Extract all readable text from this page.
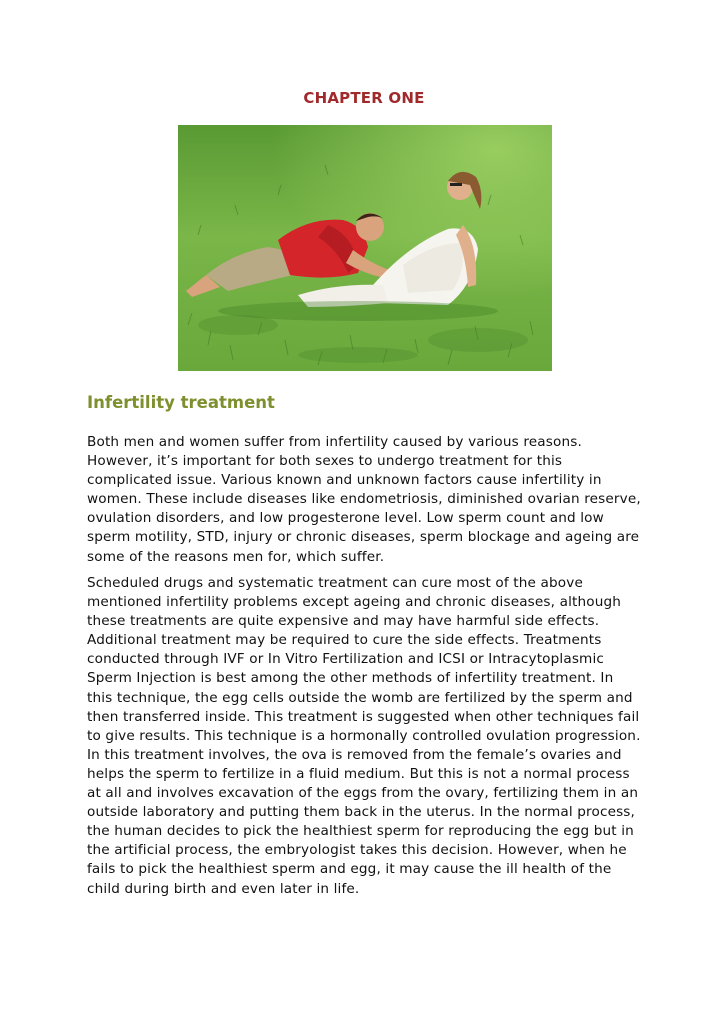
CHAPTER ONE
Infertility treatment

Both men and women suffer from infertility caused by various reasons. However, it’s important for both sexes to undergo treatment for this complicated issue. Various known and unknown factors cause infertility in women. These include diseases like endometriosis, diminished ovarian reserve, ovulation disorders, and low progesterone level. Low sperm count and low sperm motility, STD, injury or chronic diseases, sperm blockage and ageing are some of the reasons men for, which suffer.

Scheduled drugs and systematic treatment can cure most of the above mentioned infertility problems except ageing and chronic diseases, although these treatments are quite expensive and may have harmful side effects. Additional treatment may be required to cure the side effects. Treatments conducted through IVF or In Vitro Fertilization and ICSI or Intracytoplasmic Sperm Injection is best among the other methods of infertility treatment. In this technique, the egg cells outside the womb are fertilized by the sperm and then transferred inside. This treatment is suggested when other techniques fail to give results. This technique is a hormonally controlled ovulation progression. In this treatment involves, the ova is removed from the female’s ovaries and helps the sperm to fertilize in a fluid medium. But this is not a normal process at all and involves excavation of the eggs from the ovary, fertilizing them in an outside laboratory and putting them back in the uterus. In the normal process, the human decides to pick the healthiest sperm for reproducing the egg but in the artificial process, the embryologist takes this decision. However, when he fails to pick the healthiest sperm and egg, it may cause the ill health of the child during birth and even later in life.
